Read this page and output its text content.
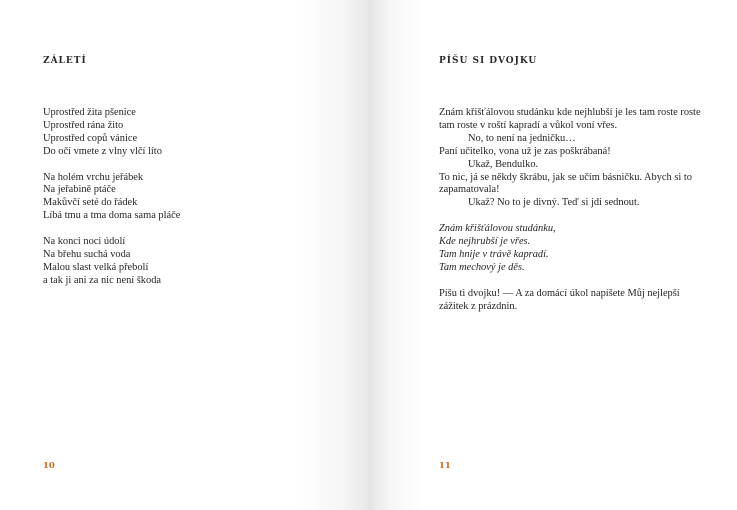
ZÁLETÍ
Uprostřed žita pšenice
Uprostřed rána žito
Uprostřed copů vánice
Do očí vmete z vlny vlčí líto
Na holém vrchu jeřábek
Na jeřabině ptáče
Makůvčí seté do řádek
Líbá tmu a tma doma sama pláče
Na konci noci údolí
Na břehu suchá voda
Malou slast velká přebolí
a tak ji ani za nic není škoda
10
PÍŠU SI DVOJKU
Znám křišťálovou studánku kde nejhlubší je les tam roste roste tam roste v roští kapradí a vůkol voní vřes.
No, to není na jedničku…
Paní učitelko, vona už je zas poškrábaná!
Ukaž, Bendulko.
To nic, já se někdy škrábu, jak se učím básničku. Abych si to zapamatovala!
Ukaž? No to je divný. Teď si jdi sednout.
Znám křišťálovou studánku,
Kde nejhrubší je vřes.
Tam hnije v trávě kapradí.
Tam mechový je děs.
Píšu ti dvojku! — A za domácí úkol napíšete Můj nejlepší zážitek z prázdnin.
11
